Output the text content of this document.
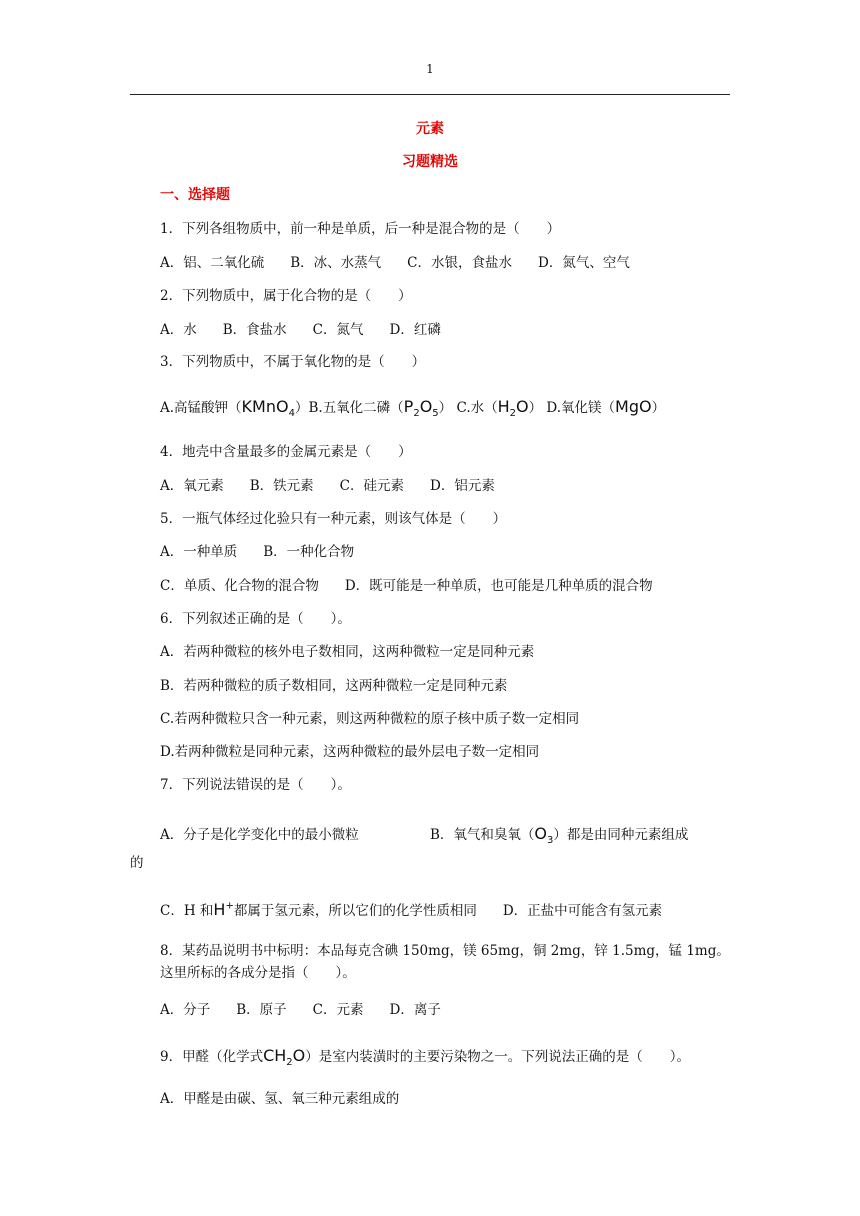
1
元素
习题精选
一、选择题
1．下列各组物质中，前一种是单质，后一种是混合物的是（　　）
A．铝、二氧化硫 B．冰、水蒸气 C．水银，食盐水 D．氮气、空气
2．下列物质中，属于化合物的是（　　）
A．水 B．食盐水 C．氮气 D．红磷
3．下列物质中，不属于氧化物的是（　　）
A.高锰酸钾（KMnO$_4$）B.五氧化二磷$(P_2O_5)$ C.水$(H_2O)$ D.氧化镁（MgO）
4．地壳中含量最多的金属元素是（　　）
A．氧元素 B．铁元素 C．硅元素 D．铝元素
5．一瓶气体经过化验只有一种元素，则该气体是（　　）
A．一种单质 B．一种化合物
C．单质、化合物的混合物 D．既可能是一种单质，也可能是几种单质的混合物
6．下列叙述正确的是（　　）。
A．若两种微粒的核外电子数相同，这两种微粒一定是同种元素
B．若两种微粒的质子数相同，这两种微粒一定是同种元素
C.若两种微粒只含一种元素，则这两种微粒的原子核中质子数一定相同
D.若两种微粒是同种元素，这两种微粒的最外层电子数一定相同
7．下列说法错误的是（　　）。
A．分子是化学变化中的最小微粒	B．氧气和臭氧$(O_3)$都是由同种元素组成
的
C．H 和H+都属于氢元素，所以它们的化学性质相同 D．正盐中可能含有氢元素
8．某药品说明书中标明：本品每克含碘 150mg，镁 65mg，铜 2mg，锌 1.5mg，锰 1mg。这里所标的各成分是指（　　）。
A．分子 B．原子 C．元素 D．离子
9．甲醛（化学式$CH_2O$）是室内装潢时的主要污染物之一。下列说法正确的是（　　）。
A．甲醛是由碳、氢、氧三种元素组成的
